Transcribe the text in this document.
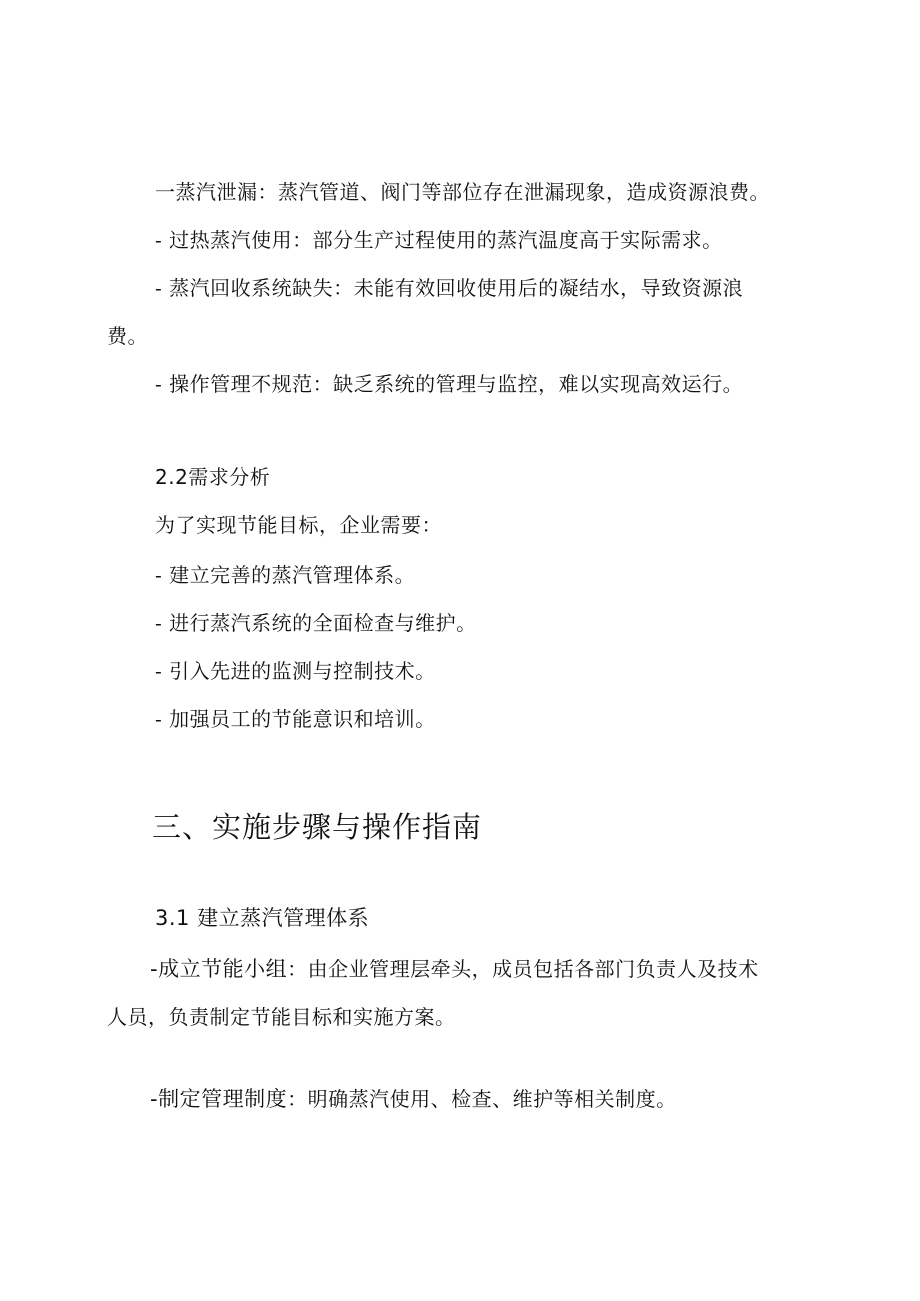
一蒸汽泄漏：蒸汽管道、阀门等部位存在泄漏现象，造成资源浪费。
- 过热蒸汽使用：部分生产过程使用的蒸汽温度高于实际需求。
- 蒸汽回收系统缺失：未能有效回收使用后的凝结水，导致资源浪
费。
- 操作管理不规范：缺乏系统的管理与监控，难以实现高效运行。
2.2需求分析
为了实现节能目标，企业需要：
- 建立完善的蒸汽管理体系。
- 进行蒸汽系统的全面检查与维护。
- 引入先进的监测与控制技术。
- 加强员工的节能意识和培训。
三、实施步骤与操作指南
3.1 建立蒸汽管理体系
-成立节能小组：由企业管理层牵头，成员包括各部门负责人及技术
人员，负责制定节能目标和实施方案。
-制定管理制度：明确蒸汽使用、检查、维护等相关制度。
